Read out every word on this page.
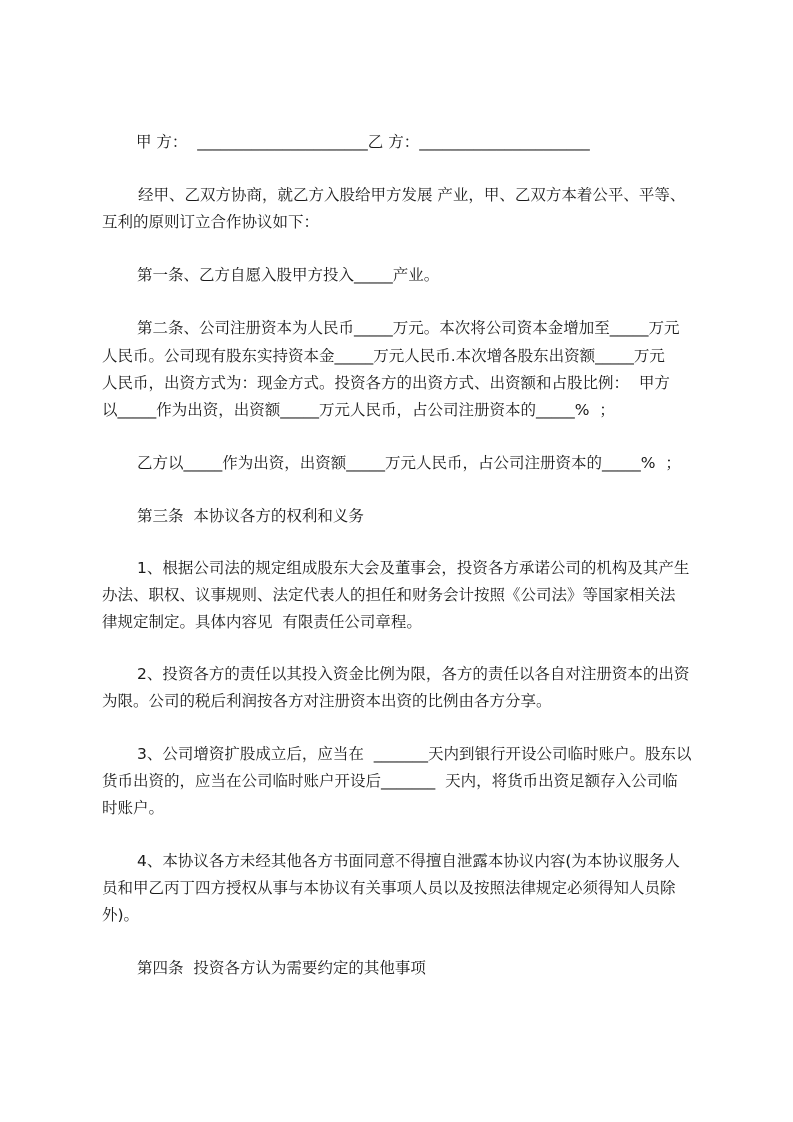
甲 方：  ______________________乙 方：______________________
经甲、乙双方协商，就乙方入股给甲方发展 产业，甲、乙双方本着公平、平等、
互利的原则订立合作协议如下：
第一条、乙方自愿入股甲方投入_____产业。
第二条、公司注册资本为人民币_____万元。本次将公司资本金增加至_____万元
人民币。公司现有股东实持资本金_____万元人民币.本次增各股东出资额_____万元
人民币，出资方式为：现金方式。投资各方的出资方式、出资额和占股比例：  甲方
以_____作为出资，出资额_____万元人民币，占公司注册资本的_____%  ；
乙方以_____作为出资，出资额_____万元人民币，占公司注册资本的_____%  ；
第三条  本协议各方的权利和义务
1、根据公司法的规定组成股东大会及董事会，投资各方承诺公司的机构及其产生
办法、职权、议事规则、法定代表人的担任和财务会计按照《公司法》等国家相关法
律规定制定。具体内容见  有限责任公司章程。
2、投资各方的责任以其投入资金比例为限，各方的责任以各自对注册资本的出资
为限。公司的税后利润按各方对注册资本出资的比例由各方分享。
3、公司增资扩股成立后，应当在  _______天内到银行开设公司临时账户。股东以
货币出资的，应当在公司临时账户开设后_______  天内，将货币出资足额存入公司临
时账户。
4、本协议各方未经其他各方书面同意不得擅自泄露本协议内容(为本协议服务人
员和甲乙丙丁四方授权从事与本协议有关事项人员以及按照法律规定必须得知人员除
外)。
第四条  投资各方认为需要约定的其他事项
